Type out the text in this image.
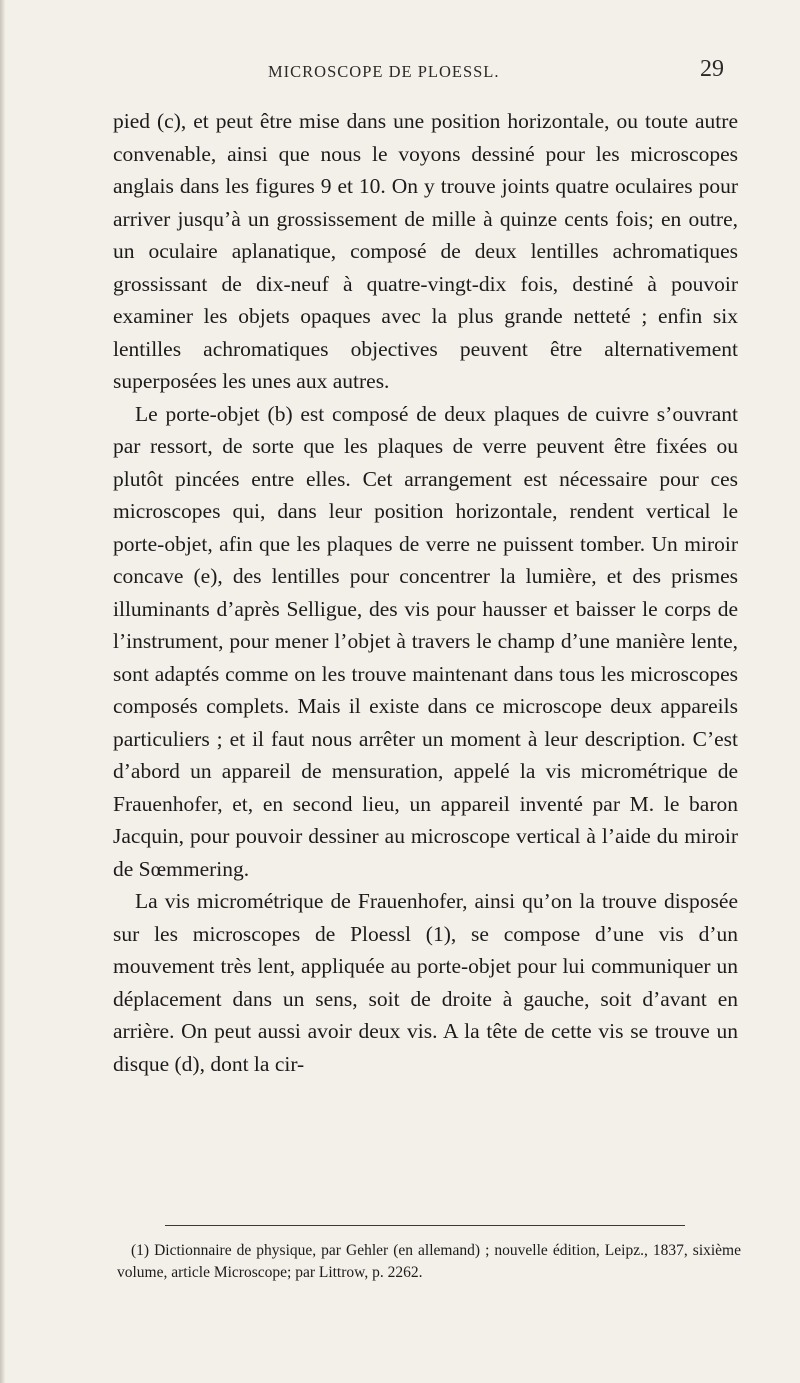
MICROSCOPE DE PLOESSL.	29

pied (c), et peut être mise dans une position horizontale, ou toute autre convenable, ainsi que nous le voyons dessiné pour les microscopes anglais dans les figures 9 et 10. On y trouve joints quatre oculaires pour arriver jusqu’à un grossissement de mille à quinze cents fois; en outre, un oculaire aplanatique, composé de deux lentilles achromatiques grossissant de dix-neuf à quatre-vingt-dix fois, destiné à pouvoir examiner les objets opaques avec la plus grande netteté ; enfin six lentilles achromatiques objectives peuvent être alternativement superposées les unes aux autres.

Le porte-objet (b) est composé de deux plaques de cuivre s’ouvrant par ressort, de sorte que les plaques de verre peuvent être fixées ou plutôt pincées entre elles. Cet arrangement est nécessaire pour ces microscopes qui, dans leur position horizontale, rendent vertical le porte-objet, afin que les plaques de verre ne puissent tomber. Un miroir concave (e), des lentilles pour concentrer la lumière, et des prismes illuminants d’après Selligue, des vis pour hausser et baisser le corps de l’instrument, pour mener l’objet à travers le champ d’une manière lente, sont adaptés comme on les trouve maintenant dans tous les microscopes composés complets. Mais il existe dans ce microscope deux appareils particuliers ; et il faut nous arrêter un moment à leur description. C’est d’abord un appareil de mensuration, appelé la vis micrométrique de Frauenhofer, et, en second lieu, un appareil inventé par M. le baron Jacquin, pour pouvoir dessiner au microscope vertical à l’aide du miroir de Sœmmering.

La vis micrométrique de Frauenhofer, ainsi qu’on la trouve disposée sur les microscopes de Ploessl (1), se compose d’une vis d’un mouvement très lent, appliquée au porte-objet pour lui communiquer un déplacement dans un sens, soit de droite à gauche, soit d’avant en arrière. On peut aussi avoir deux vis. A la tête de cette vis se trouve un disque (d), dont la cir-

(1) Dictionnaire de physique, par Gehler (en allemand) ; nouvelle édition, Leipz., 1837, sixième volume, article Microscope; par Littrow, p. 2262.
